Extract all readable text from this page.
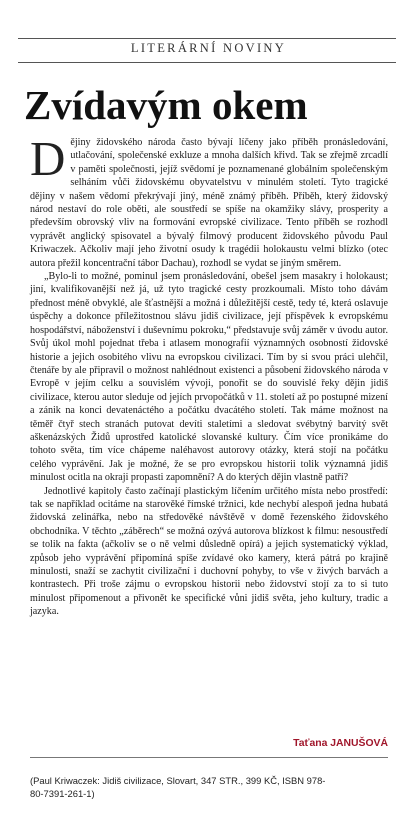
LITERÁRNÍ NOVINY
Zvídavým okem

Dějiny židovského národa často bývají líčeny jako příběh pronásledování, utlačování, společenské exkluze a mnoha dalších křivd. Tak se zřejmě zrcadlí v paměti společnosti, jejíž svědomí je poznamenané globálním společenským selháním vůči židovskému obyvatelstvu v minulém století. Tyto tragické dějiny v našem vědomí překrývají jiný, méně známý příběh. Příběh, který židovský národ nestaví do role oběti, ale soustředí se spíše na okamžiky slávy, prosperity a především obrovský vliv na formování evropské civilizace. Tento příběh se rozhodl vyprávět anglický spisovatel a bývalý filmový producent židovského původu Paul Kriwaczek. Ačkoliv mají jeho životní osudy k tragédii holokaustu velmi blízko (otec autora přežil koncentrační tábor Dachau), rozhodl se vydat se jiným směrem.

„Bylo-li to možné, pominul jsem pronásledování, obešel jsem masakry i holokaust; jiní, kvalifikovanější než já, už tyto tragické cesty prozkoumali. Místo toho dávám přednost méně obvyklé, ale šťastnější a možná i důležitější cestě, tedy té, která oslavuje úspěchy a dokonce příležitostnou slávu jidiš civilizace, její příspěvek k evropskému hospodářství, náboženství i duševnímu pokroku,“ představuje svůj záměr v úvodu autor. Svůj úkol mohl pojednat třeba i atlasem monografií významných osobností židovské historie a jejich osobitého vlivu na evropskou civilizaci. Tím by si svou práci ulehčil, čtenáře by ale připravil o možnost nahlédnout existenci a působení židovského národa v Evropě v jejím celku a souvislém vývoji, ponořit se do souvislé řeky dějin jidiš civilizace, kterou autor sleduje od jejích prvopočátků v 11. století až po postupné mizení a zánik na konci devatenáctého a počátku dvacátého století. Tak máme možnost na těměř čtyř stech stranách putovat devíti staletími a sledovat svébytný barvitý svět aškenázských Židů uprostřed katolické slovanské kultury. Čím více pronikáme do tohoto světa, tím více chápeme naléhavost autorovy otázky, která stojí na počátku celého vyprávění. Jak je možné, že se pro evropskou historii tolik významná jidiš minulost ocitla na okraji propasti zapomnění? A do kterých dějin vlastně patří?

Jednotlivé kapitoly často začínají plastickým líčením určitého místa nebo prostředí: tak se například ocitáme na starověké římské tržnici, kde nechybí alespoň jedna hubatá židovská zelinářka, nebo na středověké návštěvě v domě řezenského židovského obchodníka. V těchto „záběrech“ se možná ozývá autorova blízkost k filmu: nesoustředí se tolik na fakta (ačkoliv se o ně velmi důsledně opírá) a jejich systematický výklad, způsob jeho vyprávění připomíná spíše zvídavé oko kamery, která pátrá po krajině minulosti, snaží se zachytit civilizační i duchovní pohyby, to vše v živých barvách a kontrastech. Při troše zájmu o evropskou historii nebo židovství stojí za to si tuto minulost připomenout a přivonět ke specifické vůni jidiš světa, jeho kultury, tradic a jazyka.

Taťana JANUŠOVÁ
(Paul Kriwaczek: Jidiš civilizace, Slovart, 347 STR., 399 KČ, ISBN 978-80-7391-261-1)
